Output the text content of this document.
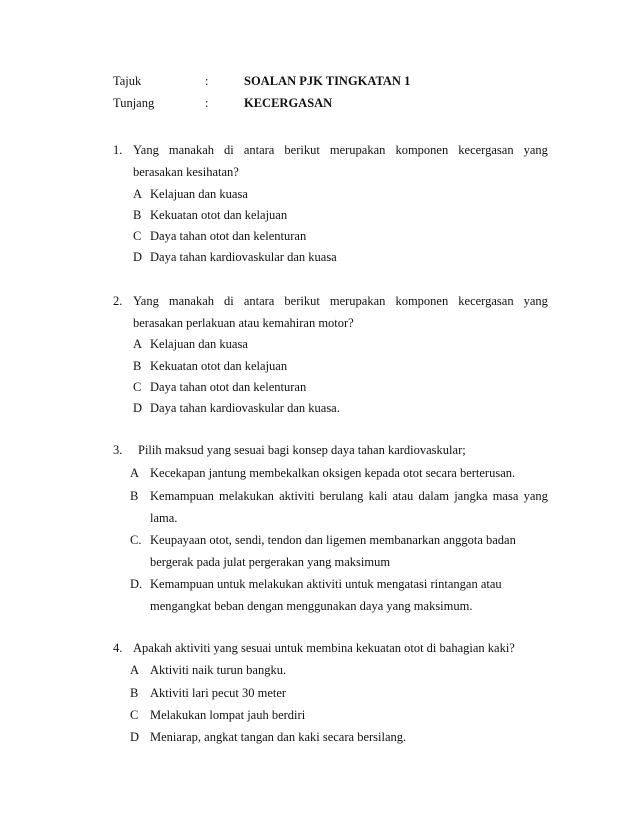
Tajuk	:	SOALAN PJK TINGKATAN 1
Tunjang	:	KECERGASAN
1. Yang manakah di antara berikut merupakan komponen kecergasan yang
berasakan kesihatan?
A Kelajuan dan kuasa
B Kekuatan otot dan kelajuan
C Daya tahan otot dan kelenturan
D Daya tahan kardiovaskular dan kuasa
2. Yang manakah di antara berikut merupakan komponen kecergasan yang
berasakan perlakuan atau kemahiran motor?
A Kelajuan dan kuasa
B Kekuatan otot dan kelajuan
C Daya tahan otot dan kelenturan
D Daya tahan kardiovaskular dan kuasa.
3. Pilih maksud yang sesuai bagi konsep daya tahan kardiovaskular;
A Kecekapan jantung membekalkan oksigen kepada otot secara berterusan.
B Kemampuan melakukan aktiviti berulang kali atau dalam jangka masa yang
lama.
C. Keupayaan otot, sendi, tendon dan ligemen membanarkan anggota badan
bergerak pada julat pergerakan yang maksimum
D. Kemampuan untuk melakukan aktiviti untuk mengatasi rintangan atau
mengangkat beban dengan menggunakan daya yang maksimum.
4. Apakah aktiviti yang sesuai untuk membina kekuatan otot di bahagian kaki?
A Aktiviti naik turun bangku.
B Aktiviti lari pecut 30 meter
C Melakukan lompat jauh berdiri
D Meniarap, angkat tangan dan kaki secara bersilang.
